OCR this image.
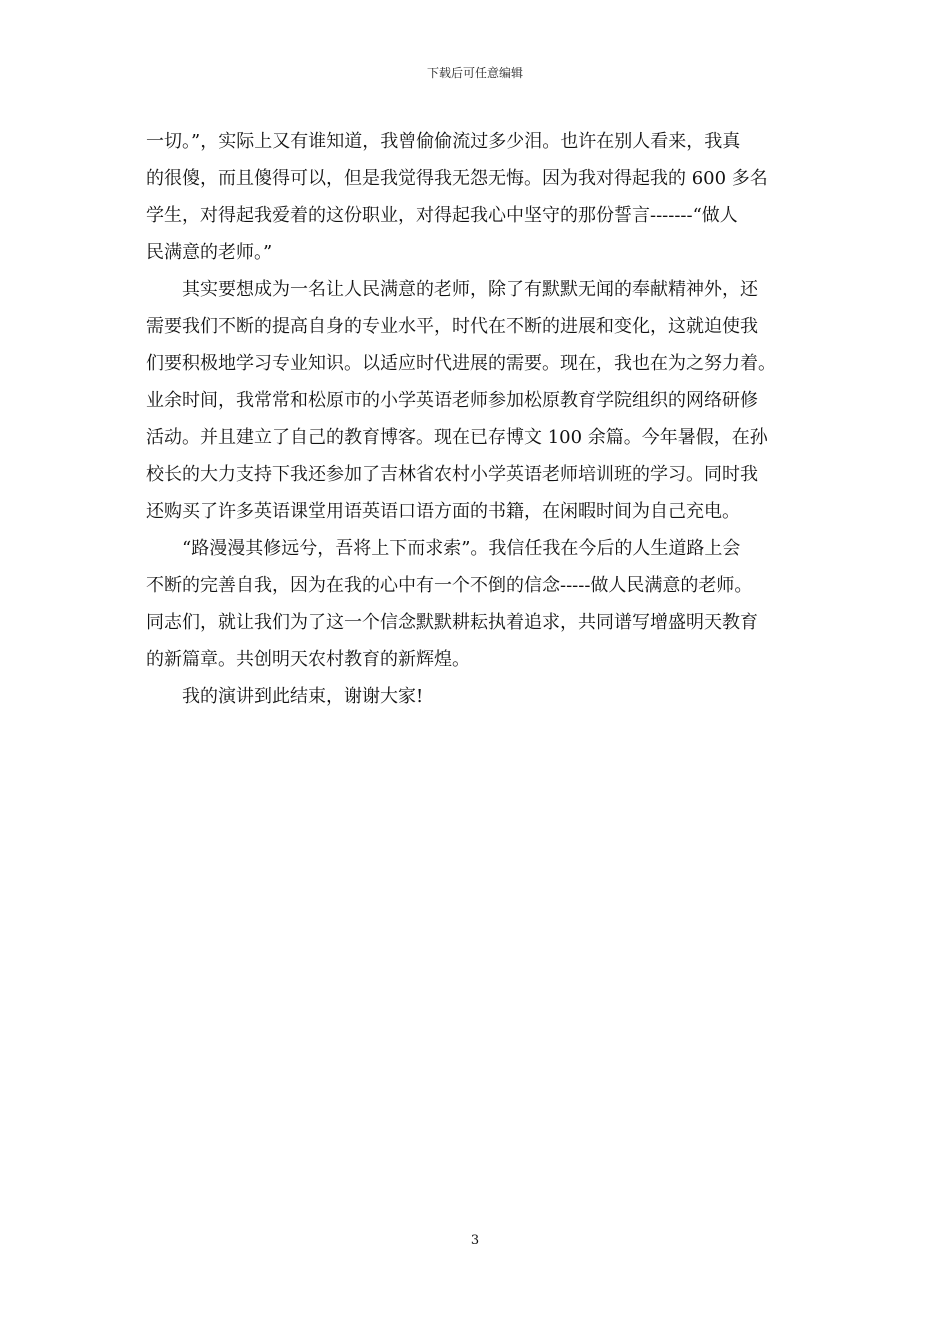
下载后可任意编辑
一切。”，实际上又有谁知道，我曾偷偷流过多少泪。也许在别人看来，我真
的很傻，而且傻得可以，但是我觉得我无怨无悔。因为我对得起我的 600 多名
学生，对得起我爱着的这份职业，对得起我心中坚守的那份誓言-------“做人
民满意的老师。”
其实要想成为一名让人民满意的老师，除了有默默无闻的奉献精神外，还
需要我们不断的提高自身的专业水平，时代在不断的进展和变化，这就迫使我
们要积极地学习专业知识。以适应时代进展的需要。现在，我也在为之努力着。
业余时间，我常常和松原市的小学英语老师参加松原教育学院组织的网络研修
活动。并且建立了自己的教育博客。现在已存博文 100 余篇。今年暑假，在孙
校长的大力支持下我还参加了吉林省农村小学英语老师培训班的学习。同时我
还购买了许多英语课堂用语英语口语方面的书籍，在闲暇时间为自己充电。
“路漫漫其修远兮，吾将上下而求索”。我信任我在今后的人生道路上会
不断的完善自我，因为在我的心中有一个不倒的信念-----做人民满意的老师。
同志们，就让我们为了这一个信念默默耕耘执着追求，共同谱写增盛明天教育
的新篇章。共创明天农村教育的新辉煌。
我的演讲到此结束，谢谢大家!
3
